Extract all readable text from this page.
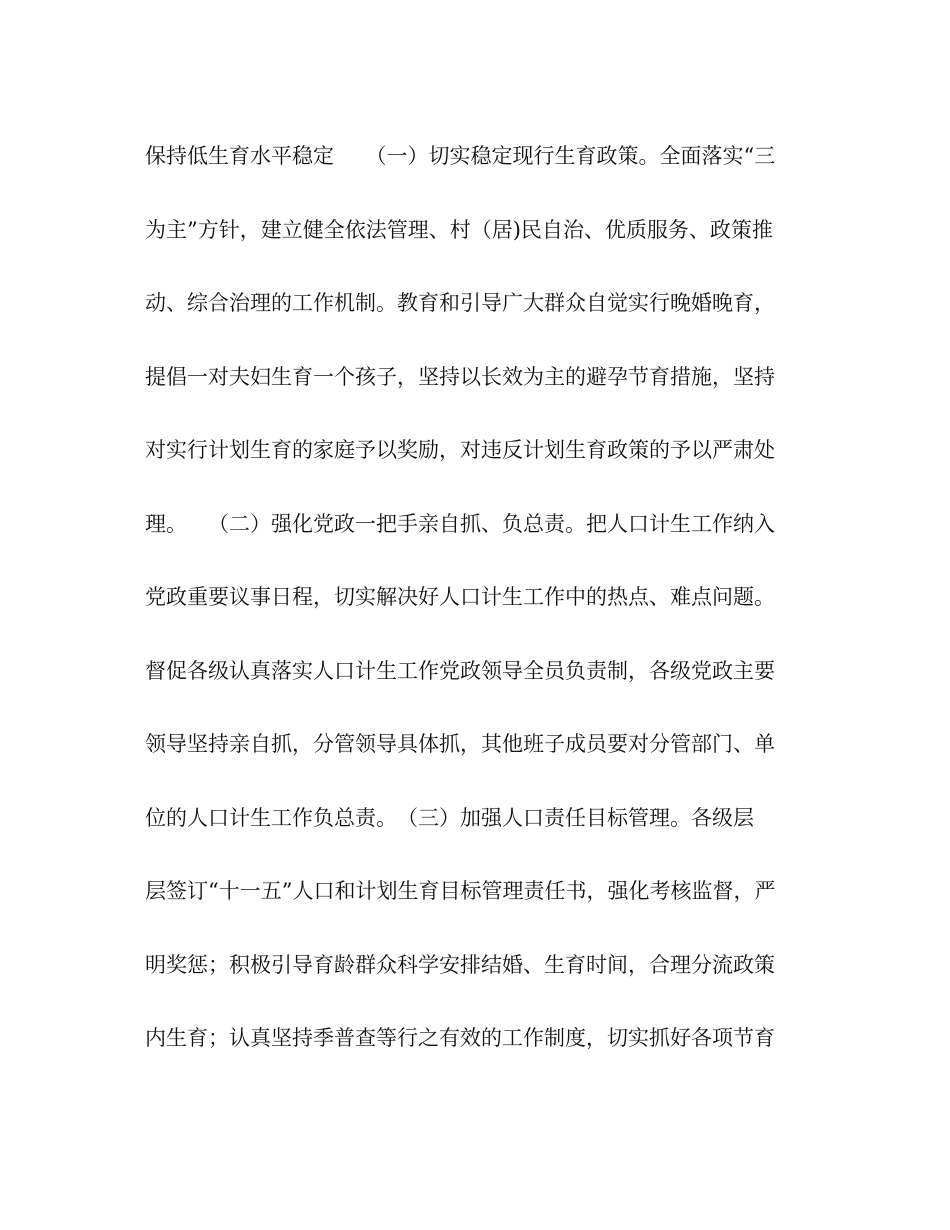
保持低生育水平稳定　　（一）切实稳定现行生育政策。全面落实“三
为主”方针，建立健全依法管理、村（居)民自治、优质服务、政策推
动、综合治理的工作机制。教育和引导广大群众自觉实行晚婚晚育，
提倡一对夫妇生育一个孩子，坚持以长效为主的避孕节育措施，坚持
对实行计划生育的家庭予以奖励，对违反计划生育政策的予以严肃处
理。　　（二）强化党政一把手亲自抓、负总责。把人口计生工作纳入
党政重要议事日程，切实解决好人口计生工作中的热点、难点问题。
督促各级认真落实人口计生工作党政领导全员负责制，各级党政主要
领导坚持亲自抓，分管领导具体抓，其他班子成员要对分管部门、单
位的人口计生工作负总责。　（三）加强人口责任目标管理。各级层
层签订“十一五”人口和计划生育目标管理责任书，强化考核监督，严
明奖惩；积极引导育龄群众科学安排结婚、生育时间，合理分流政策
内生育；认真坚持季普查等行之有效的工作制度，切实抓好各项节育
